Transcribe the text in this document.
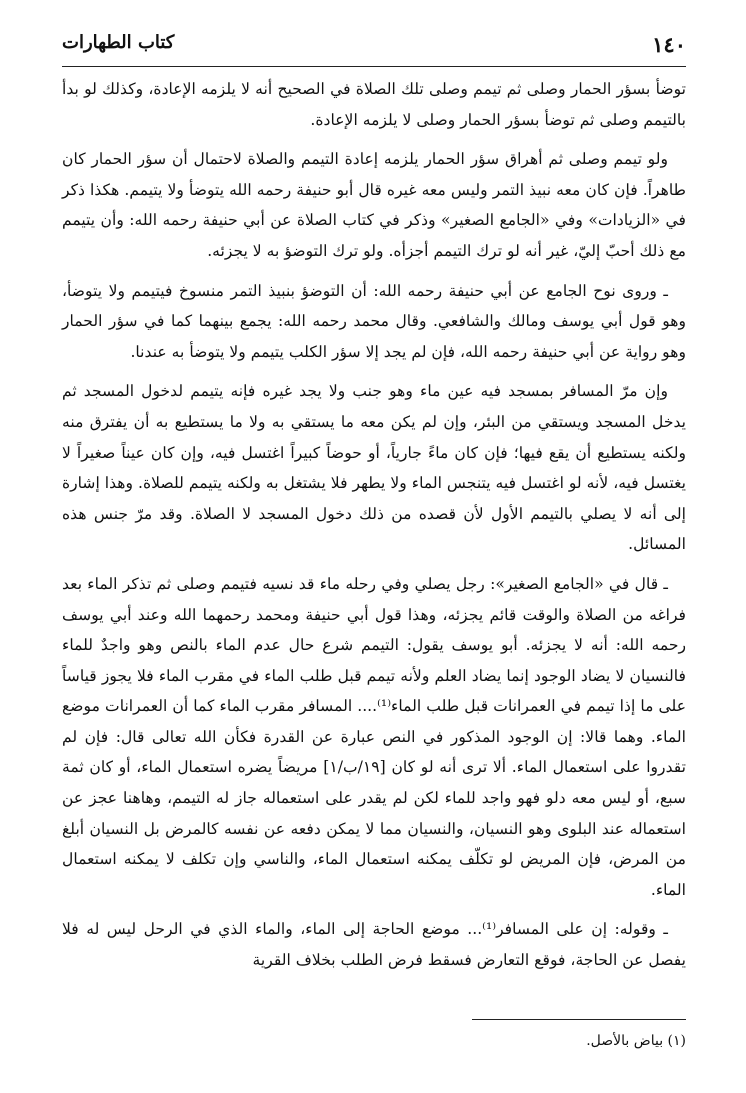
١٤٠
كتاب الطهارات

توضأ بسؤر الحمار وصلى ثم تيمم وصلى تلك الصلاة في الصحيح أنه لا يلزمه الإعادة، وكذلك لو بدأ بالتيمم وصلى ثم توضأ بسؤر الحمار وصلى لا يلزمه الإعادة.

ولو تيمم وصلى ثم أهراق سؤر الحمار يلزمه إعادة التيمم والصلاة لاحتمال أن سؤر الحمار كان طاهراً. فإن كان معه نبيذ التمر وليس معه غيره قال أبو حنيفة رحمه الله يتوضأ ولا يتيمم. هكذا ذكر في «الزيادات» وفي «الجامع الصغير» وذكر في كتاب الصلاة عن أبي حنيفة رحمه الله: وأن يتيمم مع ذلك أحبّ إليّ، غير أنه لو ترك التيمم أجزأه. ولو ترك التوضؤ به لا يجزئه.

ـ وروى نوح الجامع عن أبي حنيفة رحمه الله: أن التوضؤ بنبيذ التمر منسوخ فيتيمم ولا يتوضأ، وهو قول أبي يوسف ومالك والشافعي. وقال محمد رحمه الله: يجمع بينهما كما في سؤر الحمار وهو رواية عن أبي حنيفة رحمه الله، فإن لم يجد إلا سؤر الكلب يتيمم ولا يتوضأ به عندنا.

وإن مرّ المسافر بمسجد فيه عين ماء وهو جنب ولا يجد غيره فإنه يتيمم لدخول المسجد ثم يدخل المسجد ويستقي من البئر، وإن لم يكن معه ما يستقي به ولا ما يستطيع به أن يفترق منه ولكنه يستطيع أن يقع فيها؛ فإن كان ماءً جارياً، أو حوضاً كبيراً اغتسل فيه، وإن كان عيناً صغيراً لا يغتسل فيه، لأنه لو اغتسل فيه يتنجس الماء ولا يطهر فلا يشتغل به ولكنه يتيمم للصلاة. وهذا إشارة إلى أنه لا يصلي بالتيمم الأول لأن قصده من ذلك دخول المسجد لا الصلاة. وقد مرّ جنس هذه المسائل.

ـ قال في «الجامع الصغير»: رجل يصلي وفي رحله ماء قد نسيه فتيمم وصلى ثم تذكر الماء بعد فراغه من الصلاة والوقت قائم يجزئه، وهذا قول أبي حنيفة ومحمد رحمهما الله وعند أبي يوسف رحمه الله: أنه لا يجزئه. أبو يوسف يقول: التيمم شرع حال عدم الماء بالنص وهو واجدٌ للماء فالنسيان لا يضاد الوجود إنما يضاد العلم ولأنه تيمم قبل طلب الماء في مقرب الماء فلا يجوز قياساً على ما إذا تيمم في العمرانات قبل طلب الماء⁽¹⁾.... المسافر مقرب الماء كما أن العمرانات موضع الماء. وهما قالا: إن الوجود المذكور في النص عبارة عن القدرة فكأن الله تعالى قال: فإن لم تقدروا على استعمال الماء. ألا ترى أنه لو كان [١٩/ب/١] مريضاً يضره استعمال الماء، أو كان ثمة سبع، أو ليس معه دلو فهو واجد للماء لكن لم يقدر على استعماله جاز له التيمم، وهاهنا عجز عن استعماله عند البلوى وهو النسيان، والنسيان مما لا يمكن دفعه عن نفسه كالمرض بل النسيان أبلغ من المرض، فإن المريض لو تكلّف يمكنه استعمال الماء، والناسي وإن تكلف لا يمكنه استعمال الماء.

ـ وقوله: إن على المسافر⁽¹⁾... موضع الحاجة إلى الماء، والماء الذي في الرحل ليس له فلا يفصل عن الحاجة، فوقع التعارض فسقط فرض الطلب بخلاف القرية

(١) بياض بالأصل.
